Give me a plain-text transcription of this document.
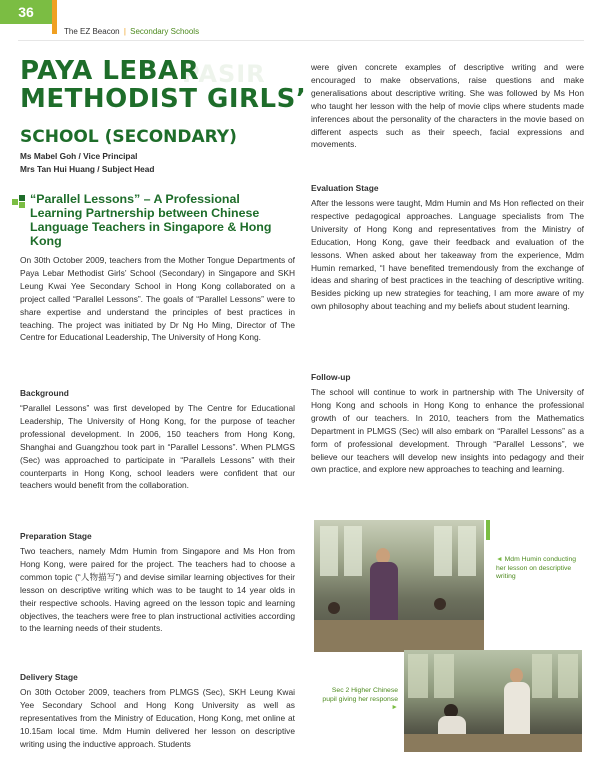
36
The EZ Beacon | Secondary Schools
PASIR
PAYA LEBAR
METHODIST GIRLS’
SCHOOL (SECONDARY)
Ms Mabel Goh / Vice Principal
Mrs Tan Hui Huang / Subject Head
“Parallel Lessons” – A Professional Learning Partnership between Chinese Language Teachers in Singapore & Hong Kong

On 30th October 2009, teachers from the Mother Tongue Departments of Paya Lebar Methodist Girls’ School (Secondary) in Singapore and SKH Leung Kwai Yee Secondary School in Hong Kong collaborated on a project called “Parallel Lessons”. The goals of “Parallel Lessons” were to share expertise and understand the principles of best practices in teaching. The project was initiated by Dr Ng Ho Ming, Director of The Centre for Educational Leadership, The University of Hong Kong.

Background

“Parallel Lessons” was first developed by The Centre for Educational Leadership, The University of Hong Kong, for the purpose of teacher professional development. In 2006, 150 teachers from Hong Kong, Shanghai and Guangzhou took part in “Parallel Lessons”. When PLMGS (Sec) was approached to participate in “Parallels Lessons” with their counterparts in Hong Kong, school leaders were confident that our teachers would benefit from the collaboration.

Preparation Stage

Two teachers, namely Mdm Humin from Singapore and Ms Hon from Hong Kong, were paired for the project. The teachers had to choose a common topic (“人物描写”) and devise similar learning objectives for their lesson on descriptive writing which was to be taught to 14 year olds in their respective schools. Having agreed on the lesson topic and learning objectives, the teachers were free to plan instructional activities according to the learning needs of their students.

Delivery Stage

On 30th October 2009, teachers from PLMGS (Sec), SKH Leung Kwai Yee Secondary School and Hong Kong University as well as representatives from the Ministry of Education, Hong Kong, met online at 10.15am local time. Mdm Humin delivered her lesson on descriptive writing using the inductive approach. Students

were given concrete examples of descriptive writing and were encouraged to make observations, raise questions and make generalisations about descriptive writing. She was followed by Ms Hon who taught her lesson with the help of movie clips where students made inferences about the personality of the characters in the movie based on different aspects such as their speech, facial expressions and movements.

Evaluation Stage

After the lessons were taught, Mdm Humin and Ms Hon reflected on their respective pedagogical approaches. Language specialists from The University of Hong Kong and representatives from the Ministry of Education, Hong Kong, gave their feedback and evaluation of the lessons. When asked about her takeaway from the experience, Mdm Humin remarked, “I have benefited tremendously from the exchange of ideas and sharing of best practices in the teaching of descriptive writing. Besides picking up new strategies for teaching, I am more aware of my own philosophy about teaching and my beliefs about student learning.

Follow-up

The school will continue to work in partnership with The University of Hong Kong and schools in Hong Kong to enhance the professional growth of our teachers. In 2010, teachers from the Mathematics Department in PLMGS (Sec) will also embark on “Parallel Lessons” as a form of professional development. Through “Parallel Lessons”, we believe our teachers will develop new insights into pedagogy and their own practice, and explore new approaches to teaching and learning.

◄ Mdm Humin conducting her lesson on descriptive writing
Sec 2 Higher Chinese pupil giving her response ►
